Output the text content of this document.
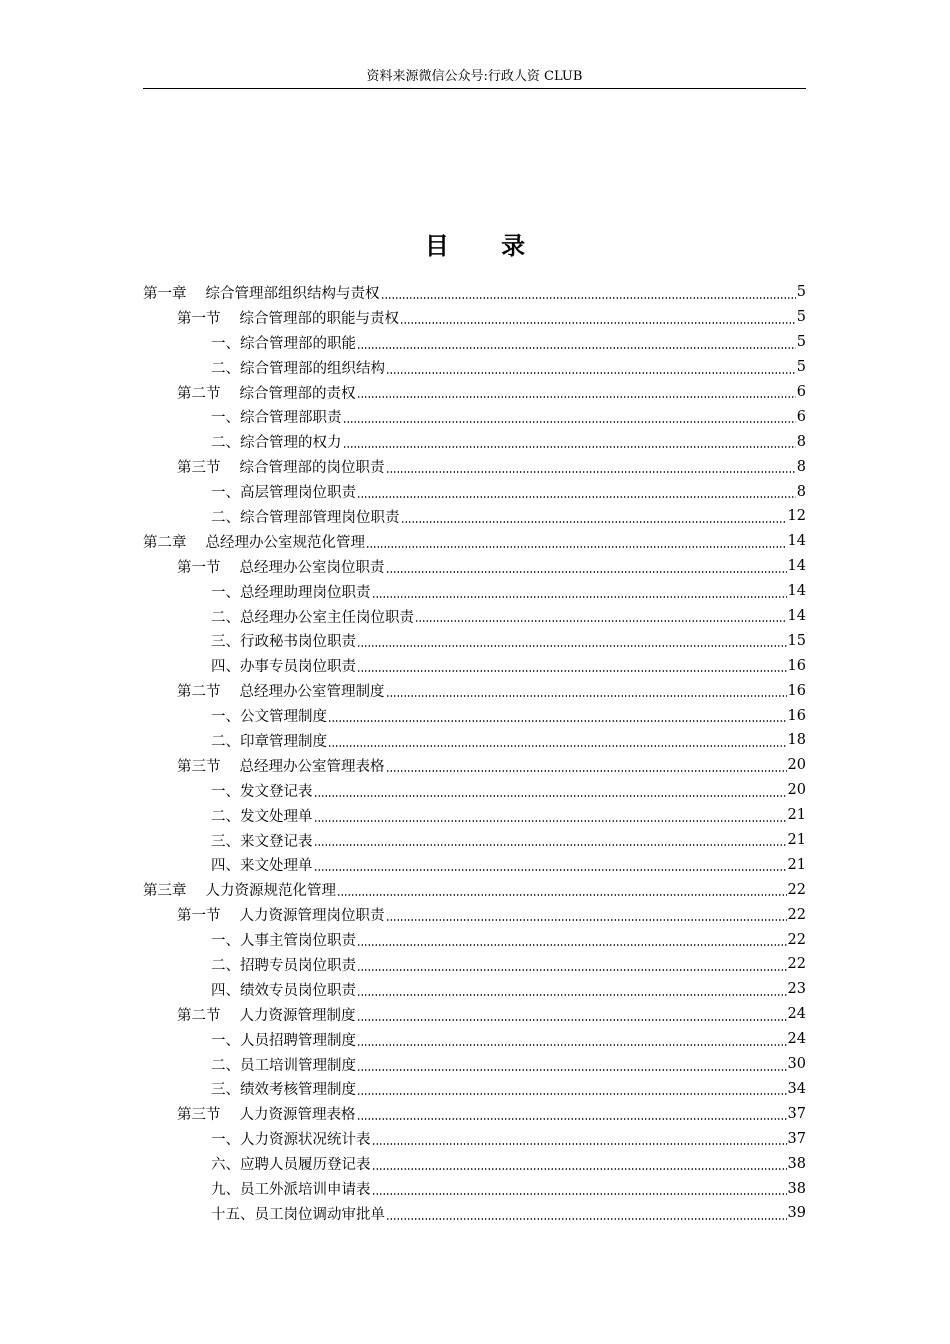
资料来源微信公众号:行政人资 CLUB
目 录
第一章 综合管理部组织结构与责权	5
第一节 综合管理部的职能与责权	5
一、 综合管理部的职能	5
二、 综合管理部的组织结构	5
第二节 综合管理部的责权	6
一、 综合管理部职责	6
二、 综合管理的权力	8
第三节 综合管理部的岗位职责	8
一、 高层管理岗位职责	8
二、 综合管理部管理岗位职责	12
第二章 总经理办公室规范化管理	14
第一节 总经理办公室岗位职责	14
一、 总经理助理岗位职责	14
二、 总经理办公室主任岗位职责	14
三、 行政秘书岗位职责	15
四、 办事专员岗位职责	16
第二节 总经理办公室管理制度	16
一、 公文管理制度	16
二、 印章管理制度	18
第三节 总经理办公室管理表格	20
一、 发文登记表	20
二、 发文处理单	21
三、 来文登记表	21
四、 来文处理单	21
第三章 人力资源规范化管理	22
第一节 人力资源管理岗位职责	22
一、 人事主管岗位职责	22
二、 招聘专员岗位职责	22
四、 绩效专员岗位职责	23
第二节 人力资源管理制度	24
一、 人员招聘管理制度	24
二、 员工培训管理制度	30
三、 绩效考核管理制度	34
第三节 人力资源管理表格	37
一、 人力资源状况统计表	37
六、 应聘人员履历登记表	38
九、 员工外派培训申请表	38
十五、 员工岗位调动审批单	39
